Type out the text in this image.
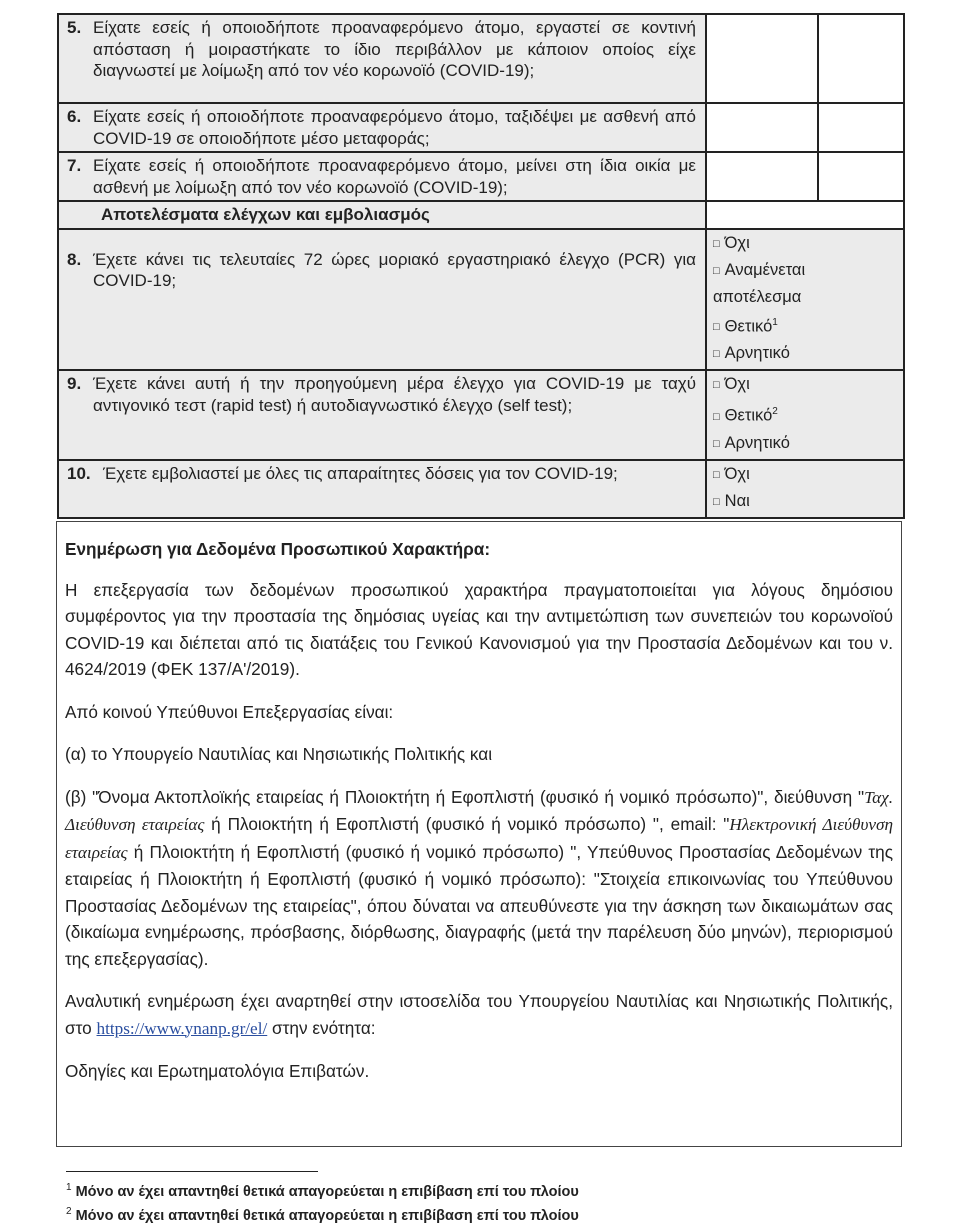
5. Είχατε εσείς ή οποιοδήποτε προαναφερόμενο άτομο, εργαστεί σε κοντινή απόσταση ή μοιραστήκατε το ίδιο περιβάλλον με κάποιον οποίος είχε διαγνωστεί με λοίμωξη από τον νέο κορωνοϊό (COVID-19);		

6. Είχατε εσείς ή οποιοδήποτε προαναφερόμενο άτομο, ταξιδέψει με ασθενή από COVID-19 σε οποιοδήποτε μέσο μεταφοράς;		

7. Είχατε εσείς ή οποιοδήποτε προαναφερόμενο άτομο, μείνει στη ίδια οικία με ασθενή με λοίμωξη από τον νέο κορωνοϊό (COVID-19);		

Αποτελέσματα ελέγχων και εμβολιασμός		

8. Έχετε κάνει τις τελευταίες 72 ώρες μοριακό εργαστηριακό έλεγχο (PCR) για COVID-19;	□ Όχι
□ Αναμένεται
αποτέλεσμα
□ Θετικό$^1$
□ Αρνητικό	

9. Έχετε κάνει αυτή ή την προηγούμενη μέρα έλεγχο για COVID-19 με ταχύ αντιγονικό τεστ (rapid test) ή αυτοδιαγνωστικό έλεγχο (self test);	□ Όχι
□ Θετικό$^2$
□ Αρνητικό	

10. Έχετε εμβολιαστεί με όλες τις απαραίτητες δόσεις για τον COVID-19;	□ Όχι
□ Ναι	

Ενημέρωση για Δεδομένα Προσωπικού Χαρακτήρα:

Η επεξεργασία των δεδομένων προσωπικού χαρακτήρα πραγματοποιείται για λόγους δημόσιου συμφέροντος για την προστασία της δημόσιας υγείας και την αντιμετώπιση των συνεπειών του κορωνοϊού COVID-19 και διέπεται από τις διατάξεις του Γενικού Κανονισμού για την Προστασία Δεδομένων και του ν. 4624/2019 (ΦΕΚ 137/Α'/2019).

Από κοινού Υπεύθυνοι Επεξεργασίας είναι:

(α) το Υπουργείο Ναυτιλίας και Νησιωτικής Πολιτικής και

(β) "Όνομα Ακτοπλοϊκής εταιρείας ή Πλοιοκτήτη ή Εφοπλιστή (φυσικό ή νομικό πρόσωπο)", διεύθυνση "Ταχ. Διεύθυνση εταιρείας ή Πλοιοκτήτη ή Εφοπλιστή (φυσικό ή νομικό πρόσωπο) ", email: "Ηλεκτρονική Διεύθυνση εταιρείας ή Πλοιοκτήτη ή Εφοπλιστή (φυσικό ή νομικό πρόσωπο) ", Υπεύθυνος Προστασίας Δεδομένων της εταιρείας ή Πλοιοκτήτη ή Εφοπλιστή (φυσικό ή νομικό πρόσωπο): "Στοιχεία επικοινωνίας του Υπεύθυνου Προστασίας Δεδομένων της εταιρείας", όπου δύναται να απευθύνεστε για την άσκηση των δικαιωμάτων σας (δικαίωμα ενημέρωσης, πρόσβασης, διόρθωσης, διαγραφής (μετά την παρέλευση δύο μηνών), περιορισμού της επεξεργασίας).

Αναλυτική ενημέρωση έχει αναρτηθεί στην ιστοσελίδα του Υπουργείου Ναυτιλίας και Νησιωτικής Πολιτικής, στο https://www.ynanp.gr/el/ στην ενότητα:

Οδηγίες και Ερωτηματολόγια Επιβατών.

$^1$ Μόνο αν έχει απαντηθεί θετικά απαγορεύεται η επιβίβαση επί του πλοίου
$^2$ Μόνο αν έχει απαντηθεί θετικά απαγορεύεται η επιβίβαση επί του πλοίου
